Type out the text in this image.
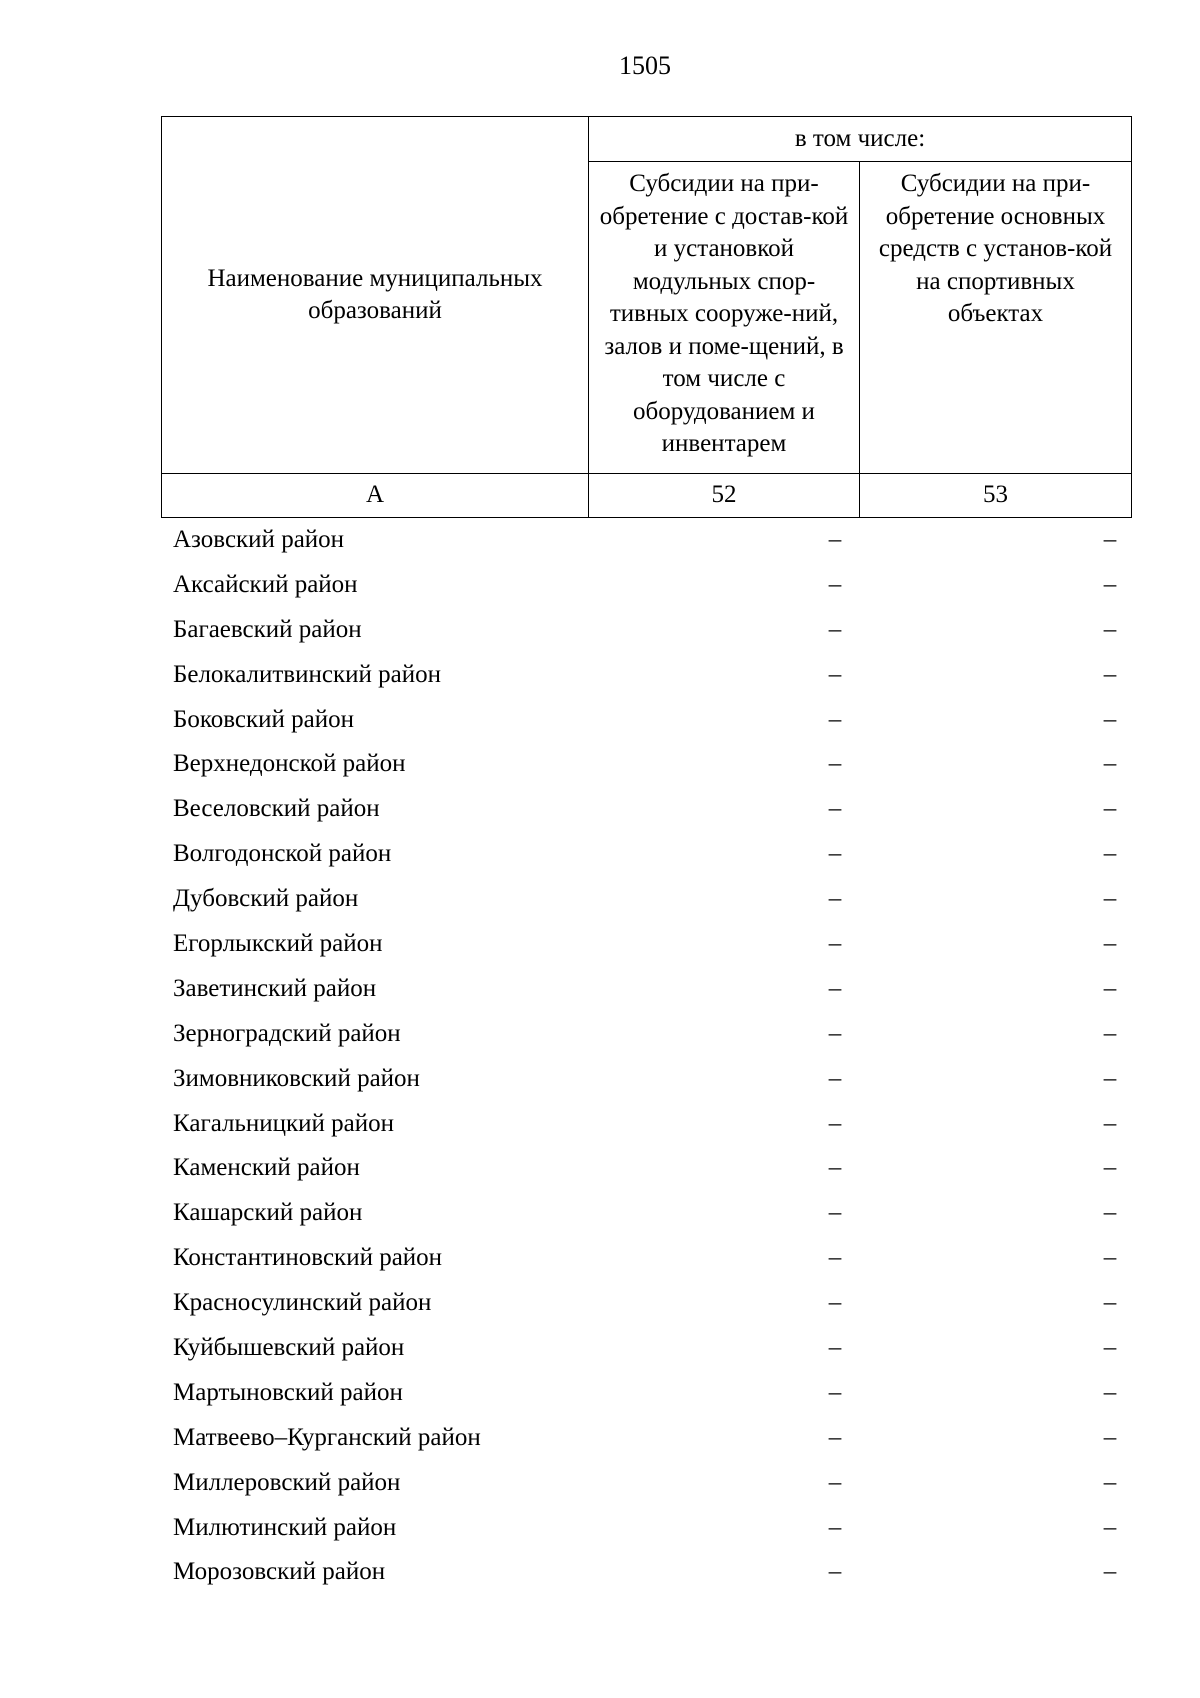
1505
Наименование муниципальных образований	в том числе:	
	Субсидии на при-обретение с достав-кой и установкой модульных спор-тивных сооруже-ний, залов и поме-щений, в том числе с оборудованием и инвентарем	Субсидии на при-обретение основных средств с установ-кой на спортивных объектах
А	52	53
Азовский район	–	–
Аксайский район	–	–
Багаевский район	–	–
Белокалитвинский район	–	–
Боковский район	–	–
Верхнедонской район	–	–
Веселовский район	–	–
Волгодонской район	–	–
Дубовский район	–	–
Егорлыкский район	–	–
Заветинский район	–	–
Зерноградский район	–	–
Зимовниковский район	–	–
Кагальницкий район	–	–
Каменский район	–	–
Кашарский район	–	–
Константиновский район	–	–
Красносулинский район	–	–
Куйбышевский район	–	–
Мартыновский район	–	–
Матвеево–Курганский район	–	–
Миллеровский район	–	–
Милютинский район	–	–
Морозовский район	–	–
